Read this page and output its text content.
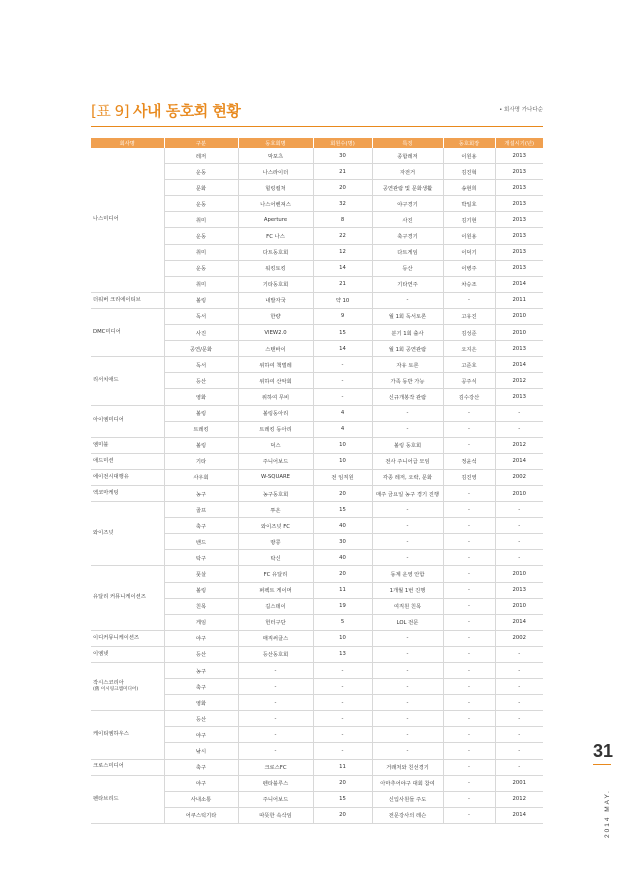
[표 9] 사내 동호회 현황	• 회사명 가나다순
회사명	구분	동호회명	회원수(명)	특징	동호회장	개설시기(년)
나스미디어	레저	막포츠	30	종합레저	이원용	2013
	운동	나스라이더	21	자전거	김진혁	2013
	문화	힐링컬처	20	공연관람 및 문화생활	송현희	2013
	운동	나스어벤져스	32	야구경기	박일호	2013
	취미	Aperture	8	사진	김기현	2013
	운동	FC 나스	22	축구경기	이원용	2013
	취미	다트동호회	12	다트게임	이덕기	2013
	운동	워킹토킹	14	등산	이병주	2013
	취미	기타동호회	21	기타연주	차승조	2014
더워버 크리에이티브	볼링	내발자국	약 10	-	-	2011
DMC미디어	독서	한량	9	월 1회 독서토론	고유진	2010
	사진	VIEW2.0	15	분기 1회 출사	김성준	2010
	공연/문화	스탠바이	14	월 1회 공연관람	오지은	2013
리서치애드	독서	위하여 책벌레	-	자유 토론	고준호	2014
	등산	위하여 산악회	-	가족 동반 가능	공주식	2012
	영화	위하여 무비	-	신규개봉작 관람	김수강산	2013
아이엠미디어	볼링	볼링동아리	4	-	-	-
	트레킹	트레킹 동아리	4	-	-	-
엠미블	볼링	덕스	10	볼링 동호회	-	2012
애드미션	기타	주니어보드	10	전사 주니어급 모임	정윤석	2014
에이전시대행유	사우회	W-SQUARE	전 임직원	각종 레저, 오락, 문화	김진영	2002
엑코마케팅	농구	농구동호회	20	매주 금요일 농구 경기 진행	-	2010
와이즈넛	골프	투온	15	-	-	-
	축구	와이즈넛 FC	40	-	-	-
	밴드	땅콩	30	-	-	-
	탁구	탁신	40	-	-	-
유달리 커뮤니케이션즈	풋살	FC 유달리	20	동계 운영 안함	-	2010
	볼링	퍼펙트 게이머	11	1개월 1번 진행	-	2013
	친목	길스데이	19	여직원 친목	-	2010
	게임	헌터구단	5	LOL 전문	-	2014
이디커뮤니케이션즈	야구	매직써클스	10	-	-	2002
이엠넷	등산	등산동호회	13	-	-	-
작시스코리아
(舊 이시링크엠미디어)	농구	-	-	-	-	-
	축구	-	-	-	-	-
	영화	-	-	-	-	-
케이티엠하우스	등산	-	-	-	-	-
	야구	-	-	-	-	-
	낚시	-	-	-	-	-
크로스미디어	축구	크로스FC	11	거래처와 친선경기	-	-
펜타브리드	야구	펜타블루스	20	아마추어야구 대회 참여	-	2001
	사내소통	주니어보드	15	신입사원들 주도	-	2012
	어쿠스틱기타	따뜻한 속삭임	20	전문강사의 레슨	-	2014
31
2014 MAY.
